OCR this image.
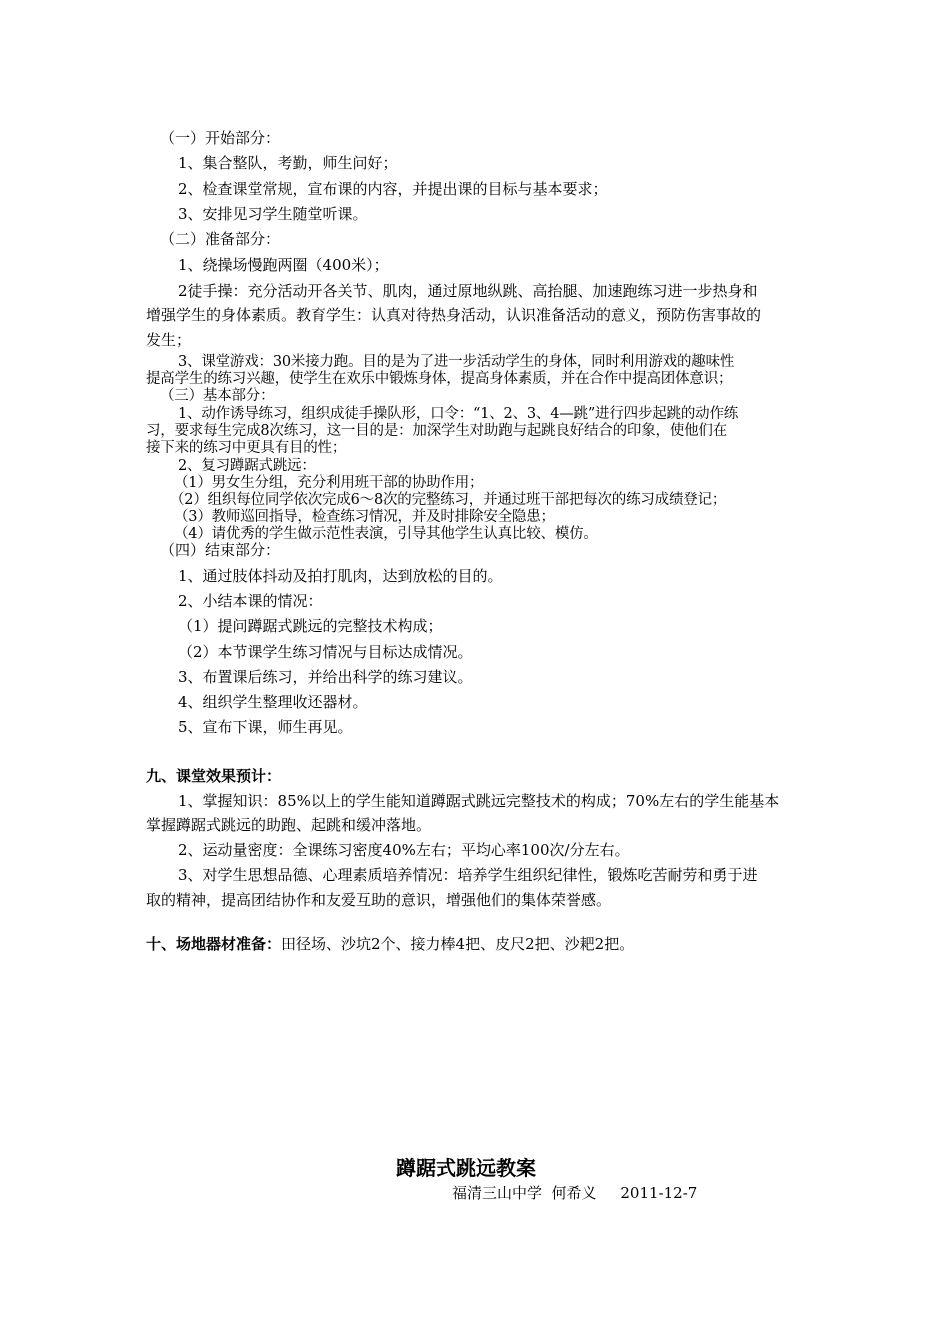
（一）开始部分：
1、集合整队，考勤，师生问好；
2、检查课堂常规，宣布课的内容，并提出课的目标与基本要求；
3、安排见习学生随堂听课。
（二）准备部分：
1、绕操场慢跑两圈（400米）；
2徒手操：充分活动开各关节、肌肉，通过原地纵跳、高抬腿、加速跑练习进一步热身和
增强学生的身体素质。教育学生：认真对待热身活动，认识准备活动的意义，预防伤害事故的
发生；
3、课堂游戏：30米接力跑。目的是为了进一步活动学生的身体，同时利用游戏的趣味性
提高学生的练习兴趣，使学生在欢乐中锻炼身体，提高身体素质，并在合作中提高团体意识；
（三）基本部分：
1、动作诱导练习，组织成徒手操队形，口令：“1、2、3、4—跳”进行四步起跳的动作练
习，要求每生完成8次练习，这一目的是：加深学生对助跑与起跳良好结合的印象，使他们在
接下来的练习中更具有目的性；
2、复习蹲踞式跳远：
（1）男女生分组，充分利用班干部的协助作用；
（2）组织每位同学依次完成6～8次的完整练习，并通过班干部把每次的练习成绩登记；
（3）教师巡回指导，检查练习情况，并及时排除安全隐患；
（4）请优秀的学生做示范性表演，引导其他学生认真比较、模仿。
（四）结束部分：
1、通过肢体抖动及拍打肌肉，达到放松的目的。
2、小结本课的情况：
（1）提问蹲踞式跳远的完整技术构成；
（2）本节课学生练习情况与目标达成情况。
3、布置课后练习，并给出科学的练习建议。
4、组织学生整理收还器材。
5、宣布下课，师生再见。
九、课堂效果预计：
1、掌握知识：85%以上的学生能知道蹲踞式跳远完整技术的构成；70%左右的学生能基本
掌握蹲踞式跳远的助跑、起跳和缓冲落地。
2、运动量密度：全课练习密度40%左右；平均心率100次/分左右。
3、对学生思想品德、心理素质培养情况：培养学生组织纪律性，锻炼吃苦耐劳和勇于进
取的精神，提高团结协作和友爱互助的意识，增强他们的集体荣誉感。
十、场地器材准备：田径场、沙坑2个、接力棒4把、皮尺2把、沙耙2把。
蹲踞式跳远教案
福清三山中学  何希义     2011-12-7
